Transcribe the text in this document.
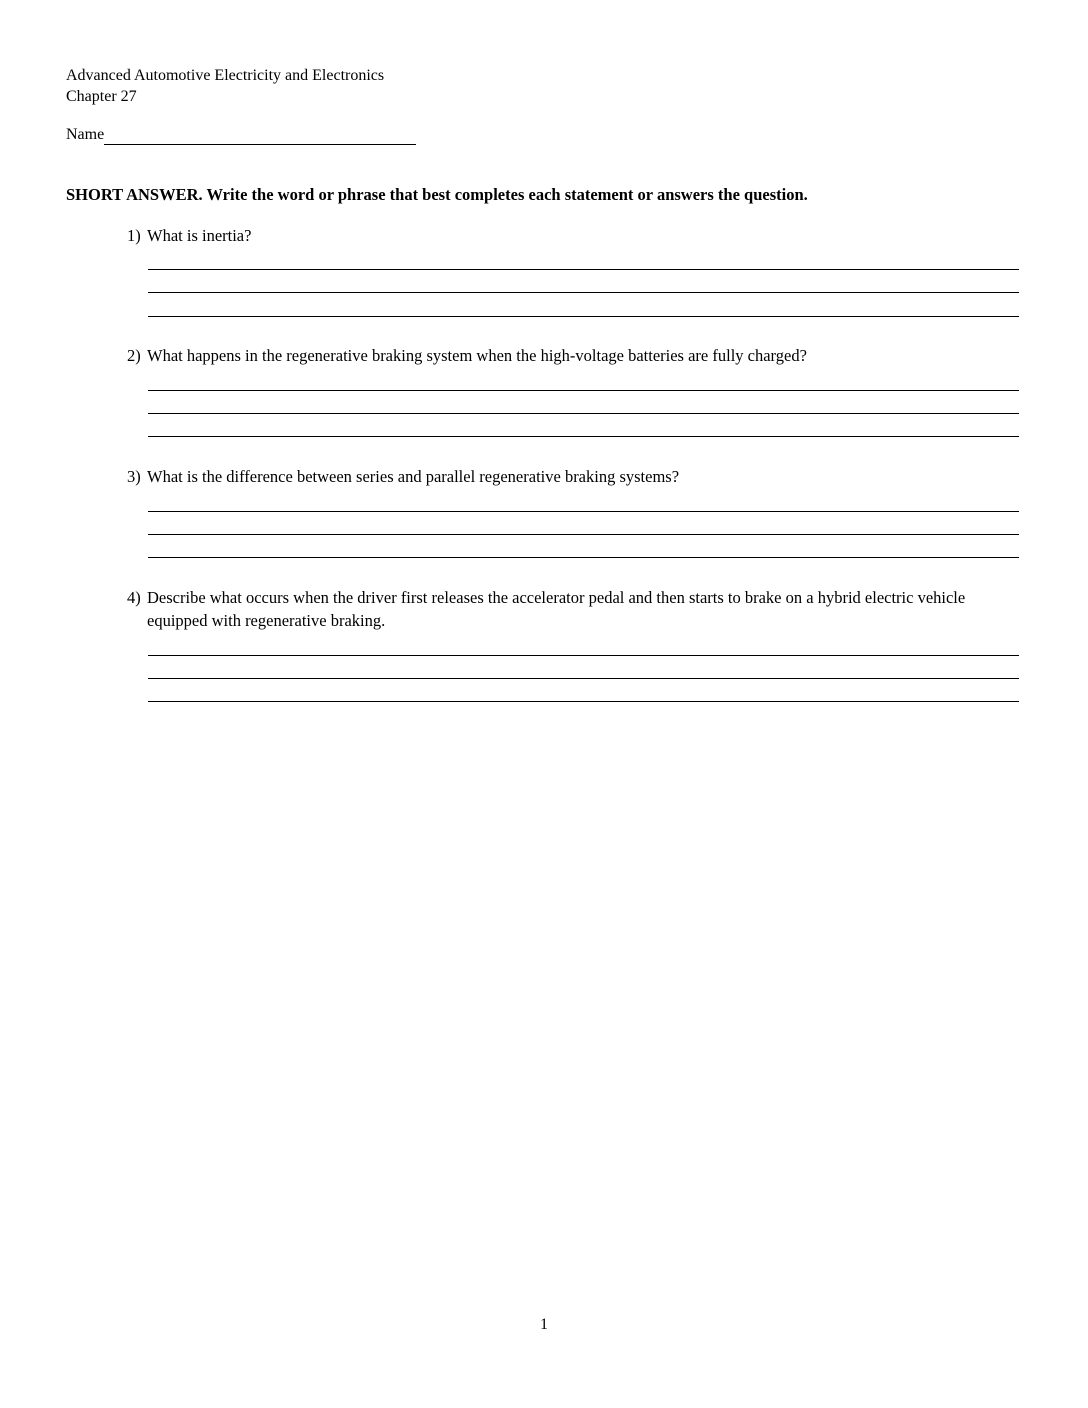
Advanced Automotive Electricity and Electronics
Chapter 27
Name
SHORT ANSWER. Write the word or phrase that best completes each statement or answers the question.
1) What is inertia?
2) What happens in the regenerative braking system when the high-voltage batteries are fully charged?
3) What is the difference between series and parallel regenerative braking systems?
4) Describe what occurs when the driver first releases the accelerator pedal and then starts to brake on a hybrid electric vehicle equipped with regenerative braking.
1
